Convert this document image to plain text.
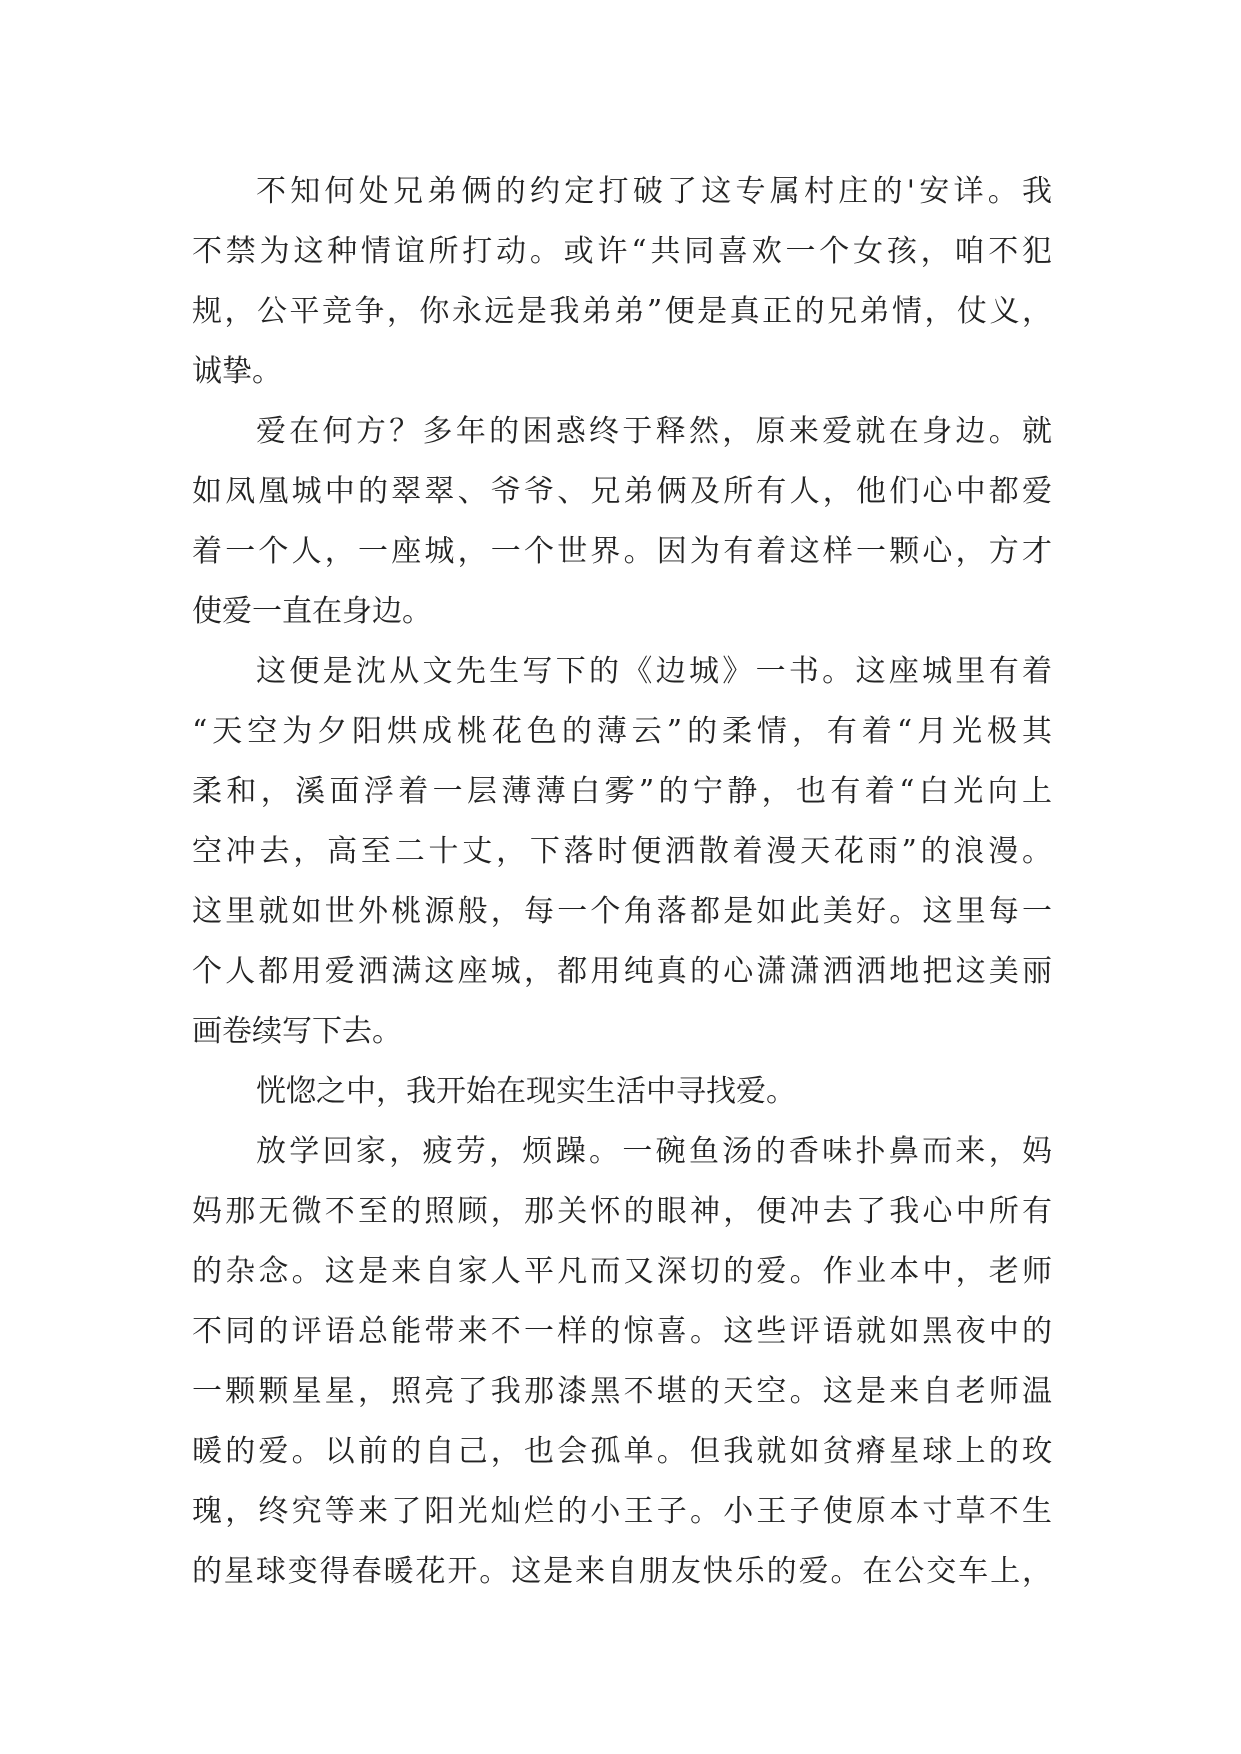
不知何处兄弟俩的约定打破了这专属村庄的'安详。我
不禁为这种情谊所打动。或许“共同喜欢一个女孩，咱不犯
规，公平竞争，你永远是我弟弟”便是真正的兄弟情，仗义，
诚挚。
爱在何方？多年的困惑终于释然，原来爱就在身边。就
如凤凰城中的翠翠、爷爷、兄弟俩及所有人，他们心中都爱
着一个人，一座城，一个世界。因为有着这样一颗心，方才
使爱一直在身边。
这便是沈从文先生写下的《边城》一书。这座城里有着
“天空为夕阳烘成桃花色的薄云”的柔情，有着“月光极其
柔和，溪面浮着一层薄薄白雾”的宁静，也有着“白光向上
空冲去，高至二十丈，下落时便洒散着漫天花雨”的浪漫。
这里就如世外桃源般，每一个角落都是如此美好。这里每一
个人都用爱洒满这座城，都用纯真的心潇潇洒洒地把这美丽
画卷续写下去。
恍惚之中，我开始在现实生活中寻找爱。
放学回家，疲劳，烦躁。一碗鱼汤的香味扑鼻而来，妈
妈那无微不至的照顾，那关怀的眼神，便冲去了我心中所有
的杂念。这是来自家人平凡而又深切的爱。作业本中，老师
不同的评语总能带来不一样的惊喜。这些评语就如黑夜中的
一颗颗星星，照亮了我那漆黑不堪的天空。这是来自老师温
暖的爱。以前的自己，也会孤单。但我就如贫瘠星球上的玫
瑰，终究等来了阳光灿烂的小王子。小王子使原本寸草不生
的星球变得春暖花开。这是来自朋友快乐的爱。在公交车上，
